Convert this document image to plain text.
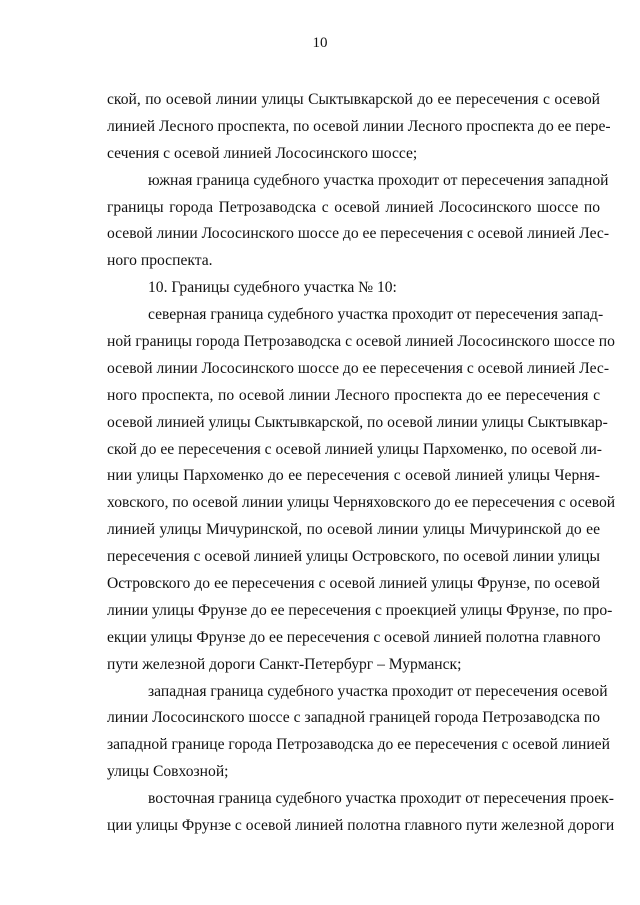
10
ской, по осевой линии улицы Сыктывкарской до ее пересечения с осевой
линией Лесного проспекта, по осевой линии Лесного проспекта до ее пере-
сечения с осевой линией Лососинского шоссе;
южная граница судебного участка проходит от пересечения западной
границы города Петрозаводска с осевой линией Лососинского шоссе по
осевой линии Лососинского шоссе до ее пересечения с осевой линией Лес-
ного проспекта.
10. Границы судебного участка № 10:
северная граница судебного участка проходит от пересечения запад-
ной границы города Петрозаводска с осевой линией Лососинского шоссе по
осевой линии Лососинского шоссе до ее пересечения с осевой линией Лес-
ного проспекта, по осевой линии Лесного проспекта до ее пересечения с
осевой линией улицы Сыктывкарской, по осевой линии улицы Сыктывкар-
ской до ее пересечения с осевой линией улицы Пархоменко, по осевой ли-
нии улицы Пархоменко до ее пересечения с осевой линией улицы Черня-
ховского, по осевой линии улицы Черняховского до ее пересечения с осевой
линией улицы Мичуринской, по осевой линии улицы Мичуринской до ее
пересечения с осевой линией улицы Островского, по осевой линии улицы
Островского до ее пересечения с осевой линией улицы Фрунзе, по осевой
линии улицы Фрунзе до ее пересечения с проекцией улицы Фрунзе, по про-
екции улицы Фрунзе до ее пересечения с осевой линией полотна главного
пути железной дороги Санкт-Петербург – Мурманск;
западная граница судебного участка проходит от пересечения осевой
линии Лососинского шоссе с западной границей города Петрозаводска по
западной границе города Петрозаводска до ее пересечения с осевой линией
улицы Совхозной;
восточная граница судебного участка проходит от пересечения проек-
ции улицы Фрунзе с осевой линией полотна главного пути железной дороги
